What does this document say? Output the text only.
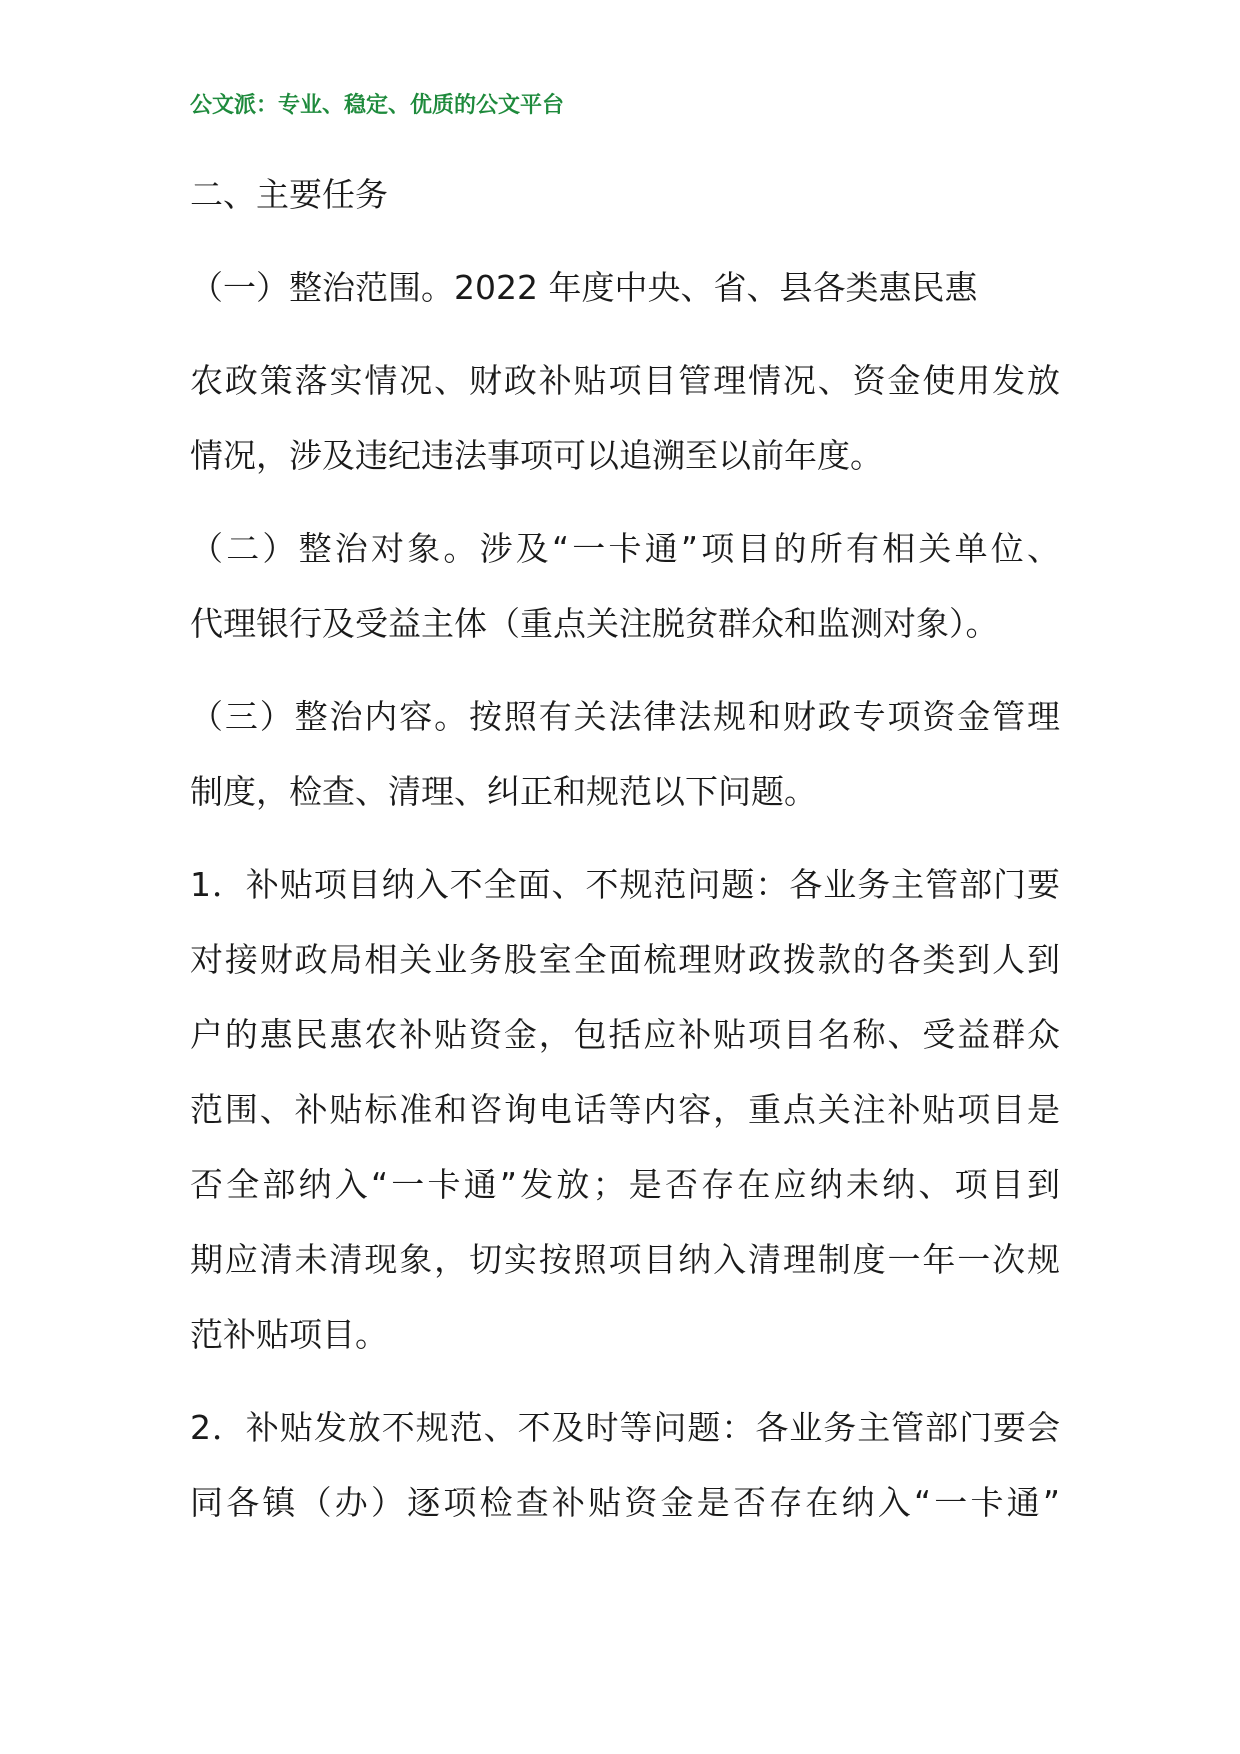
公文派：专业、稳定、优质的公文平台
二、主要任务
（一）整治范围。2022 年度中央、省、县各类惠民惠
农政策落实情况、财政补贴项目管理情况、资金使用发放
情况，涉及违纪违法事项可以追溯至以前年度。
（二）整治对象。涉及“一卡通”项目的所有相关单位、
代理银行及受益主体（重点关注脱贫群众和监测对象）。
（三）整治内容。按照有关法律法规和财政专项资金管理
制度，检查、清理、纠正和规范以下问题。
1．补贴项目纳入不全面、不规范问题：各业务主管部门要
对接财政局相关业务股室全面梳理财政拨款的各类到人到
户的惠民惠农补贴资金，包括应补贴项目名称、受益群众
范围、补贴标准和咨询电话等内容，重点关注补贴项目是
否全部纳入“一卡通”发放；是否存在应纳未纳、项目到
期应清未清现象，切实按照项目纳入清理制度一年一次规
范补贴项目。
2．补贴发放不规范、不及时等问题：各业务主管部门要会
同各镇（办）逐项检查补贴资金是否存在纳入“一卡通”
